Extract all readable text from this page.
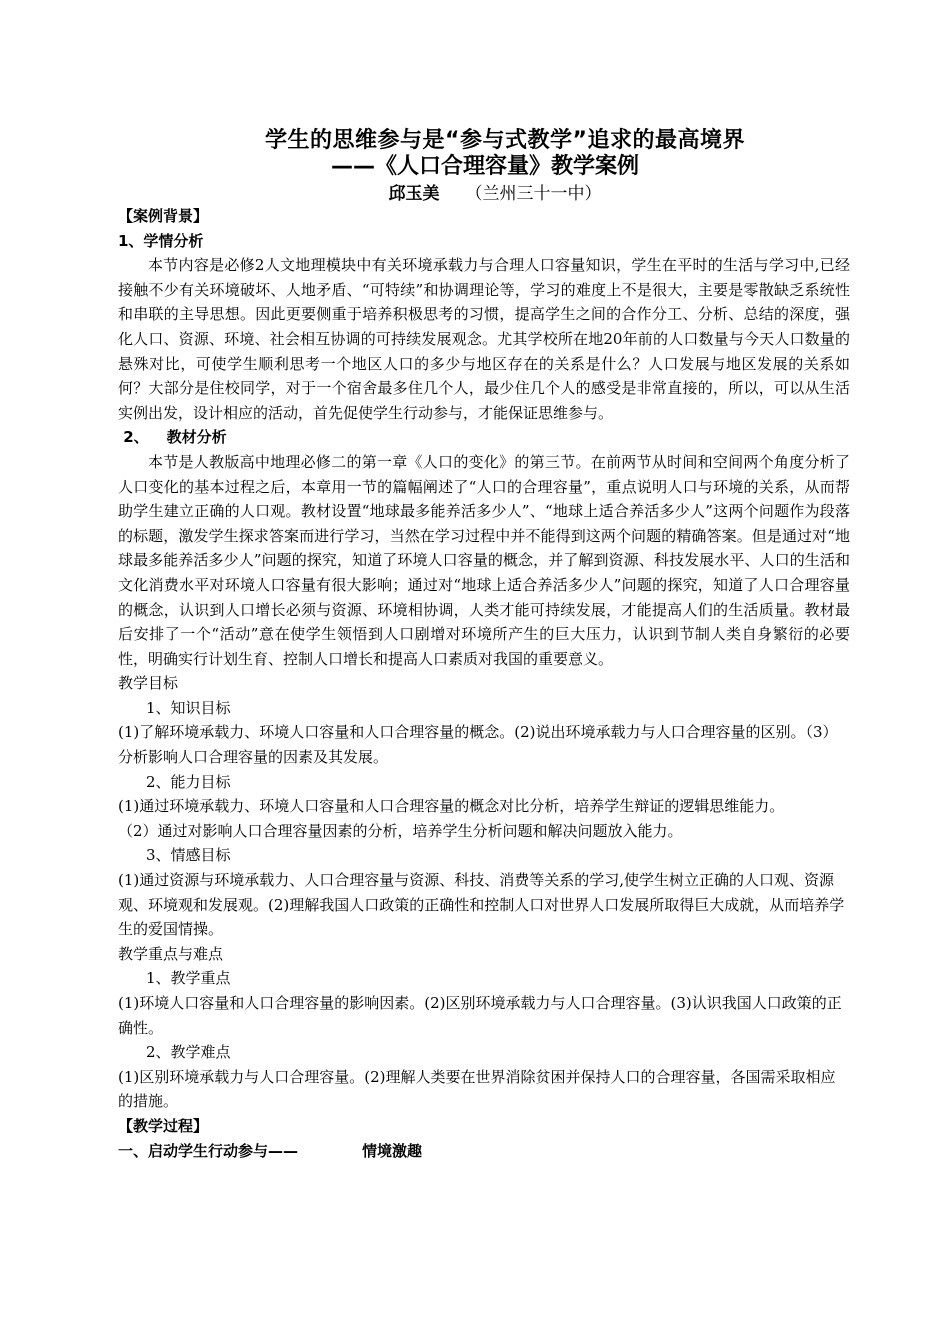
学生的思维参与是“参与式教学”追求的最高境界
——《人口合理容量》教学案例
邱玉美 （兰州三十一中）

【案例背景】

1、学情分析

本节内容是必修2人文地理模块中有关环境承载力与合理人口容量知识，学生在平时的生活与学习中,已经接触不少有关环境破坏、人地矛盾、“可特续”和协调理论等，学习的难度上不是很大，主要是零散缺乏系统性和串联的主导思想。因此更要侧重于培养积极思考的习惯，提高学生之间的合作分工、分析、总结的深度，强化人口、资源、环境、社会相互协调的可持续发展观念。尤其学校所在地20年前的人口数量与今天人口数量的悬殊对比，可使学生顺利思考一个地区人口的多少与地区存在的关系是什么？人口发展与地区发展的关系如何？大部分是住校同学，对于一个宿舍最多住几个人，最少住几个人的感受是非常直接的，所以，可以从生活实例出发，设计相应的活动，首先促使学生行动参与，才能保证思维参与。

2、 教材分析

本节是人教版高中地理必修二的第一章《人口的变化》的第三节。在前两节从时间和空间两个角度分析了人口变化的基本过程之后，本章用一节的篇幅阐述了“人口的合理容量”，重点说明人口与环境的关系，从而帮助学生建立正确的人口观。教材设置“地球最多能养活多少人”、“地球上适合养活多少人”这两个问题作为段落的标题，激发学生探求答案而进行学习，当然在学习过程中并不能得到这两个问题的精确答案。但是通过对“地球最多能养活多少人”问题的探究，知道了环境人口容量的概念，并了解到资源、科技发展水平、人口的生活和文化消费水平对环境人口容量有很大影响；通过对“地球上适合养活多少人”问题的探究，知道了人口合理容量的概念，认识到人口增长必须与资源、环境相协调，人类才能可持续发展，才能提高人们的生活质量。教材最后安排了一个“活动”意在使学生领悟到人口剧增对环境所产生的巨大压力，认识到节制人类自身繁衍的必要性，明确实行计划生育、控制人口增长和提高人口素质对我国的重要意义。

教学目标

1、知识目标

(1)了解环境承载力、环境人口容量和人口合理容量的概念。(2)说出环境承载力与人口合理容量的区别。（3）分析影响人口合理容量的因素及其发展。

2、能力目标

(1)通过环境承载力、环境人口容量和人口合理容量的概念对比分析，培养学生辩证的逻辑思维能力。

（2）通过对影响人口合理容量因素的分析，培养学生分析问题和解决问题放入能力。

3、情感目标

(1)通过资源与环境承载力、人口合理容量与资源、科技、消费等关系的学习,使学生树立正确的人口观、资源观、环境观和发展观。(2)理解我国人口政策的正确性和控制人口对世界人口发展所取得巨大成就，从而培养学生的爱国情操。

教学重点与难点

1、教学重点

(1)环境人口容量和人口合理容量的影响因素。(2)区别环境承载力与人口合理容量。(3)认识我国人口政策的正确性。

2、教学难点

(1)区别环境承载力与人口合理容量。(2)理解人类要在世界消除贫困并保持人口的合理容量，各国需采取相应的措施。

【教学过程】

一、启动学生行动参与——	情境激趣
